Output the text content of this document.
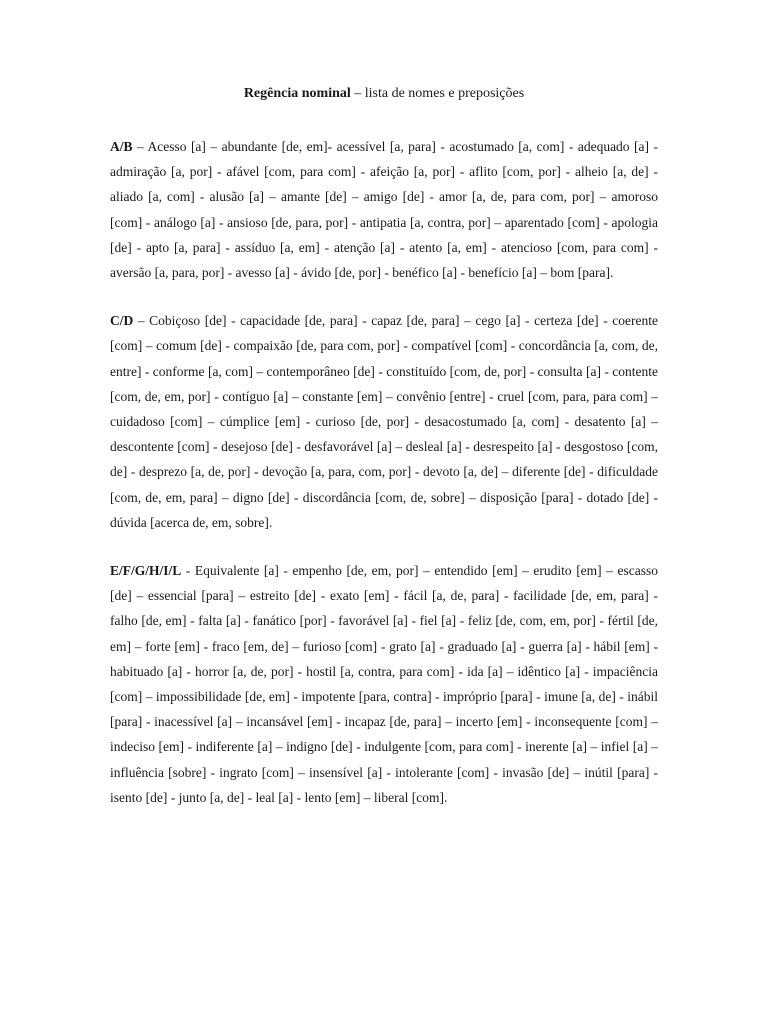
Regência nominal – lista de nomes e preposições

A/B – Acesso [a] – abundante [de, em]- acessível [a, para] - acostumado [a, com] - adequado [a] - admiração [a, por] - afável [com, para com] - afeição [a, por] - aflito [com, por] - alheio [a, de] - aliado [a, com] - alusão [a] – amante [de] – amigo [de] - amor [a, de, para com, por] – amoroso [com] - análogo [a] - ansioso [de, para, por] - antipatia [a, contra, por] – aparentado [com] - apologia [de] - apto [a, para] - assíduo [a, em] - atenção [a] - atento [a, em] - atencioso [com, para com] - aversão [a, para, por] - avesso [a] - ávido [de, por] - benéfico [a] - benefício [a] – bom [para].

C/D – Cobiçoso [de] - capacidade [de, para] - capaz [de, para] – cego [a] - certeza [de] - coerente [com] – comum [de] - compaixão [de, para com, por] - compatível [com] - concordância [a, com, de, entre] - conforme [a, com] – contemporâneo [de] - constituído [com, de, por] - consulta [a] - contente [com, de, em, por] - contíguo [a] – constante [em] – convênio [entre] - cruel [com, para, para com] – cuidadoso [com] – cúmplice [em] - curioso [de, por] - desacostumado [a, com] - desatento [a] – descontente [com] - desejoso [de] - desfavorável [a] – desleal [a] - desrespeito [a] - desgostoso [com, de] - desprezo [a, de, por] - devoção [a, para, com, por] - devoto [a, de] – diferente [de] - dificuldade [com, de, em, para] – digno [de] - discordância [com, de, sobre] – disposição [para] - dotado [de] - dúvida [acerca de, em, sobre].

E/F/G/H/I/L - Equivalente [a] - empenho [de, em, por] – entendido [em] – erudito [em] – escasso [de] – essencial [para] – estreito [de] - exato [em] - fácil [a, de, para] - facilidade [de, em, para] - falho [de, em] - falta [a] - fanático [por] - favorável [a] - fiel [a] - feliz [de, com, em, por] - fértil [de, em] – forte [em] - fraco [em, de] – furioso [com] - grato [a] - graduado [a] - guerra [a] - hábil [em] - habituado [a] - horror [a, de, por] - hostil [a, contra, para com] - ida [a] – idêntico [a] - impaciência [com] – impossibilidade [de, em] - impotente [para, contra] - impróprio [para] - imune [a, de] - inábil [para] - inacessível [a] – incansável [em] - incapaz [de, para] – incerto [em] - inconsequente [com] – indeciso [em] - indiferente [a] – indigno [de] - indulgente [com, para com] - inerente [a] – infiel [a] – influência [sobre] - ingrato [com] – insensível [a] - intolerante [com] - invasão [de] – inútil [para] - isento [de] - junto [a, de] - leal [a] - lento [em] – liberal [com].
